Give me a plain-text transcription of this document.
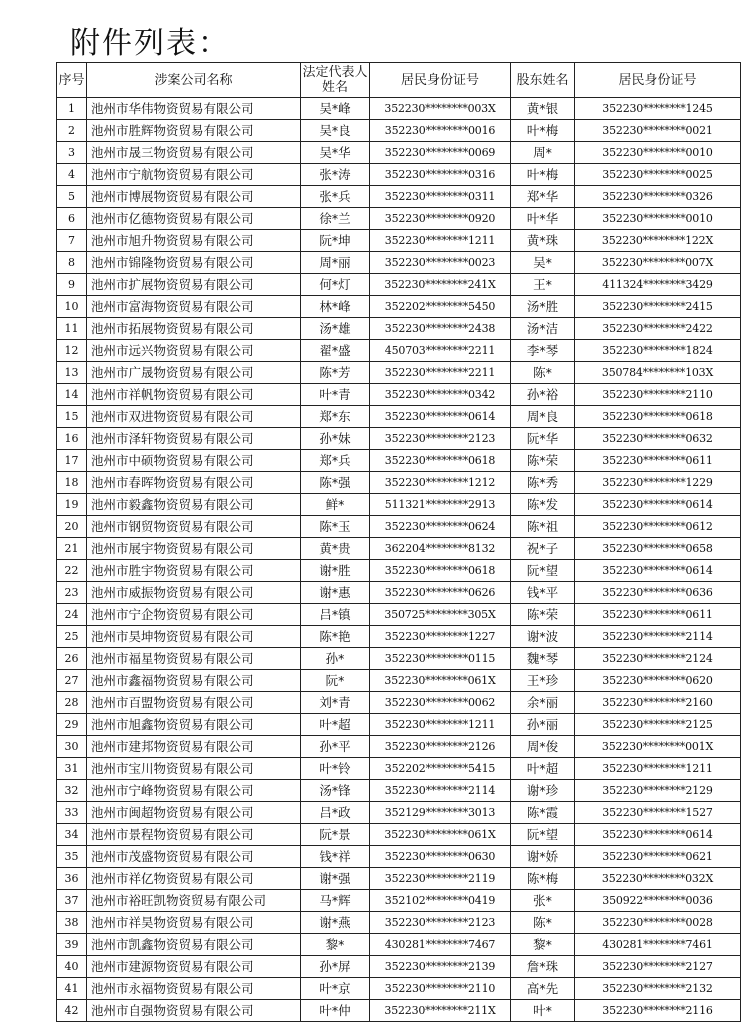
附件列表：
序号	涉案公司名称	法定代表人姓名	居民身份证号	股东姓名	居民身份证号
1	池州市华伟物资贸易有限公司	吴*峰	352230********003X	黄*银	352230********1245
2	池州市胜辉物资贸易有限公司	吴*良	352230********0016	叶*梅	352230********0021
3	池州市晟三物资贸易有限公司	吴*华	352230********0069	周*	352230********0010
4	池州市宁航物资贸易有限公司	张*涛	352230********0316	叶*梅	352230********0025
5	池州市博展物资贸易有限公司	张*兵	352230********0311	郑*华	352230********0326
6	池州市亿德物资贸易有限公司	徐*兰	352230********0920	叶*华	352230********0010
7	池州市旭升物资贸易有限公司	阮*坤	352230********1211	黄*珠	352230********122X
8	池州市锦隆物资贸易有限公司	周*丽	352230********0023	吴*	352230********007X
9	池州市扩展物资贸易有限公司	何*灯	352230********241X	王*	411324********3429
10	池州市富海物资贸易有限公司	林*峰	352202********5450	汤*胜	352230********2415
11	池州市拓展物资贸易有限公司	汤*雄	352230********2438	汤*洁	352230********2422
12	池州市远兴物资贸易有限公司	翟*盛	450703********2211	李*琴	352230********1824
13	池州市广晟物资贸易有限公司	陈*芳	352230********2211	陈*	350784********103X
14	池州市祥帆物资贸易有限公司	叶*青	352230********0342	孙*裕	352230********2110
15	池州市双进物资贸易有限公司	郑*东	352230********0614	周*良	352230********0618
16	池州市泽轩物资贸易有限公司	孙*妹	352230********2123	阮*华	352230********0632
17	池州市中硕物资贸易有限公司	郑*兵	352230********0618	陈*荣	352230********0611
18	池州市春晖物资贸易有限公司	陈*强	352230********1212	陈*秀	352230********1229
19	池州市毅鑫物资贸易有限公司	鲜*	511321********2913	陈*发	352230********0614
20	池州市钢贸物资贸易有限公司	陈*玉	352230********0624	陈*祖	352230********0612
21	池州市展宇物资贸易有限公司	黄*贵	362204********8132	祝*子	352230********0658
22	池州市胜宇物资贸易有限公司	谢*胜	352230********0618	阮*望	352230********0614
23	池州市威振物资贸易有限公司	谢*惠	352230********0626	钱*平	352230********0636
24	池州市宁企物资贸易有限公司	吕*镇	350725********305X	陈*荣	352230********0611
25	池州市昊坤物资贸易有限公司	陈*艳	352230********1227	谢*波	352230********2114
26	池州市福星物资贸易有限公司	孙*	352230********0115	魏*琴	352230********2124
27	池州市鑫福物资贸易有限公司	阮*	352230********061X	王*珍	352230********0620
28	池州市百盟物资贸易有限公司	刘*青	352230********0062	余*丽	352230********2160
29	池州市旭鑫物资贸易有限公司	叶*超	352230********1211	孙*丽	352230********2125
30	池州市建邦物资贸易有限公司	孙*平	352230********2126	周*俊	352230********001X
31	池州市宝川物资贸易有限公司	叶*铃	352202********5415	叶*超	352230********1211
32	池州市宁峰物资贸易有限公司	汤*锋	352230********2114	谢*珍	352230********2129
33	池州市闽超物资贸易有限公司	吕*政	352129********3013	陈*霞	352230********1527
34	池州市景程物资贸易有限公司	阮*景	352230********061X	阮*望	352230********0614
35	池州市茂盛物资贸易有限公司	钱*祥	352230********0630	谢*娇	352230********0621
36	池州市祥亿物资贸易有限公司	谢*强	352230********2119	陈*梅	352230********032X
37	池州市裕旺凯物资贸易有限公司	马*辉	352102********0419	张*	350922********0036
38	池州市祥昊物资贸易有限公司	谢*燕	352230********2123	陈*	352230********0028
39	池州市凯鑫物资贸易有限公司	黎*	430281********7467	黎*	430281********7461
40	池州市建源物资贸易有限公司	孙*屏	352230********2139	詹*珠	352230********2127
41	池州市永福物资贸易有限公司	叶*京	352230********2110	高*先	352230********2132
42	池州市自强物资贸易有限公司	叶*仲	352230********211X	叶*	352230********2116
